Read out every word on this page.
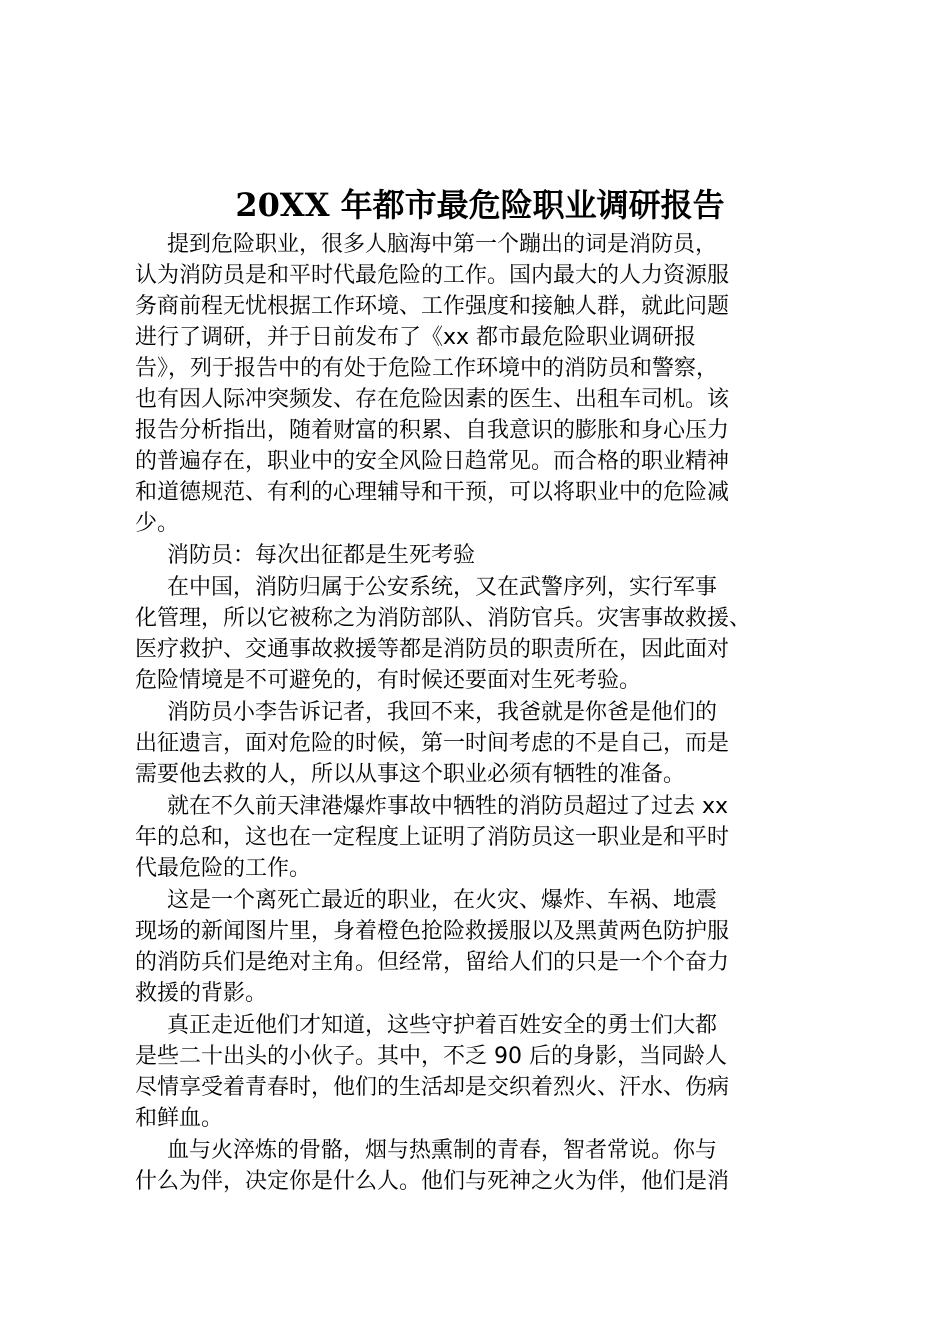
20XX 年都市最危险职业调研报告

提到危险职业，很多人脑海中第一个蹦出的词是消防员，
认为消防员是和平时代最危险的工作。国内最大的人力资源服
务商前程无忧根据工作环境、工作强度和接触人群，就此问题
进行了调研，并于日前发布了《xx 都市最危险职业调研报
告》，列于报告中的有处于危险工作环境中的消防员和警察，
也有因人际冲突频发、存在危险因素的医生、出租车司机。该
报告分析指出，随着财富的积累、自我意识的膨胀和身心压力
的普遍存在，职业中的安全风险日趋常见。而合格的职业精神
和道德规范、有利的心理辅导和干预，可以将职业中的危险减
少。

消防员：每次出征都是生死考验

在中国，消防归属于公安系统，又在武警序列，实行军事
化管理，所以它被称之为消防部队、消防官兵。灾害事故救援、
医疗救护、交通事故救援等都是消防员的职责所在，因此面对
危险情境是不可避免的，有时候还要面对生死考验。

消防员小李告诉记者，我回不来，我爸就是你爸是他们的
出征遗言，面对危险的时候，第一时间考虑的不是自己，而是
需要他去救的人，所以从事这个职业必须有牺牲的准备。

就在不久前天津港爆炸事故中牺牲的消防员超过了过去 xx
年的总和，这也在一定程度上证明了消防员这一职业是和平时
代最危险的工作。

这是一个离死亡最近的职业，在火灾、爆炸、车祸、地震
现场的新闻图片里，身着橙色抢险救援服以及黑黄两色防护服
的消防兵们是绝对主角。但经常，留给人们的只是一个个奋力
救援的背影。

真正走近他们才知道，这些守护着百姓安全的勇士们大都
是些二十出头的小伙子。其中，不乏 90 后的身影，当同龄人
尽情享受着青春时，他们的生活却是交织着烈火、汗水、伤病
和鲜血。

血与火淬炼的骨骼，烟与热熏制的青春，智者常说。你与
什么为伴，决定你是什么人。他们与死神之火为伴，他们是消
